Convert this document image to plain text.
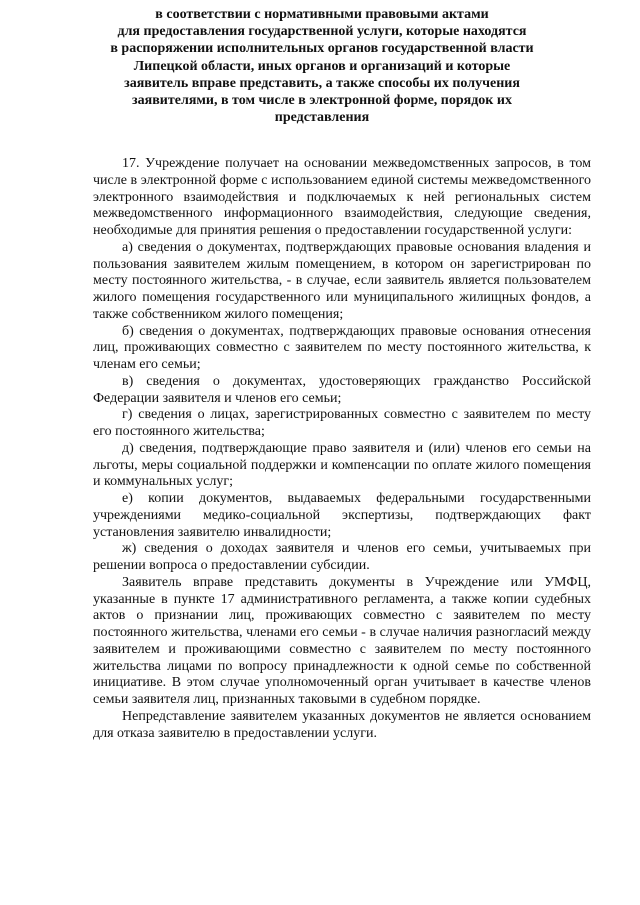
в соответствии с нормативными правовыми актами
для предоставления государственной услуги, которые находятся
в распоряжении исполнительных органов государственной власти
Липецкой области, иных органов и организаций и которые
заявитель вправе представить, а также способы их получения
заявителями, в том числе в электронной форме, порядок их
представления

17. Учреждение получает на основании межведомственных запросов, в том числе в электронной форме с использованием единой системы межведомственного электронного взаимодействия и подключаемых к ней региональных систем межведомственного информационного взаимодействия, следующие сведения, необходимые для принятия решения о предоставлении государственной услуги:

а) сведения о документах, подтверждающих правовые основания владения и пользования заявителем жилым помещением, в котором он зарегистрирован по месту постоянного жительства, - в случае, если заявитель является пользователем жилого помещения государственного или муниципального жилищных фондов, а также собственником жилого помещения;

б) сведения о документах, подтверждающих правовые основания отнесения лиц, проживающих совместно с заявителем по месту постоянного жительства, к членам его семьи;

в) сведения о документах, удостоверяющих гражданство Российской Федерации заявителя и членов его семьи;

г) сведения о лицах, зарегистрированных совместно с заявителем по месту его постоянного жительства;

д) сведения, подтверждающие право заявителя и (или) членов его семьи на льготы, меры социальной поддержки и компенсации по оплате жилого помещения и коммунальных услуг;

е) копии документов, выдаваемых федеральными государственными учреждениями медико-социальной экспертизы, подтверждающих факт установления заявителю инвалидности;

ж) сведения о доходах заявителя и членов его семьи, учитываемых при решении вопроса о предоставлении субсидии.

Заявитель вправе представить документы в Учреждение или УМФЦ, указанные в пункте 17 административного регламента, а также копии судебных актов о признании лиц, проживающих совместно с заявителем по месту постоянного жительства, членами его семьи - в случае наличия разногласий между заявителем и проживающими совместно с заявителем по месту постоянного жительства лицами по вопросу принадлежности к одной семье по собственной инициативе. В этом случае уполномоченный орган учитывает в качестве членов семьи заявителя лиц, признанных таковыми в судебном порядке.

Непредставление заявителем указанных документов не является основанием для отказа заявителю в предоставлении услуги.
